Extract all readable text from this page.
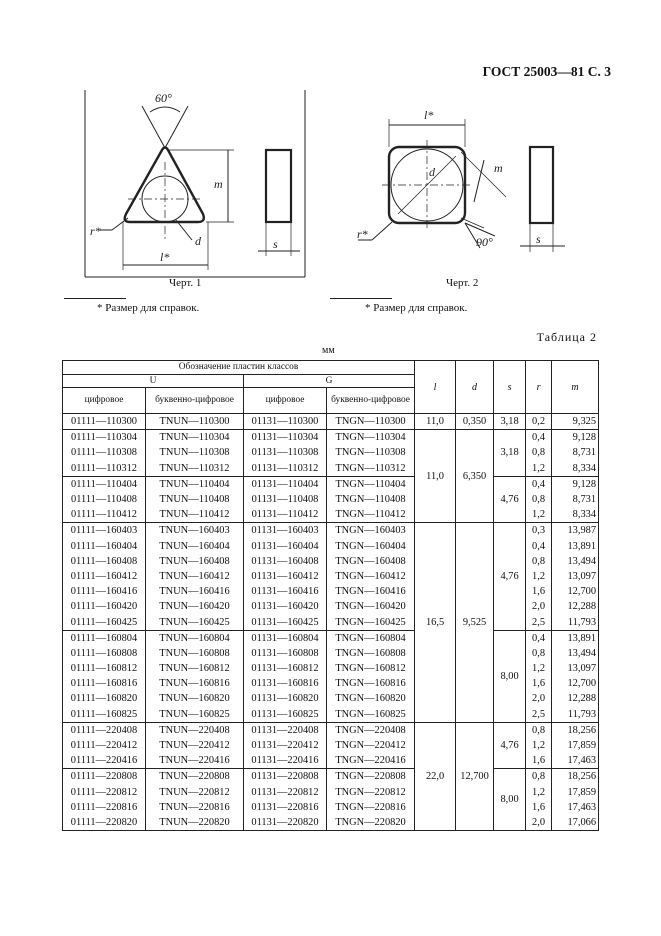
ГОСТ 25003—81 С. 3
60°
m
r*
d
l*
s
l*
d	m
90°
r*	s
Черт. 1	Черт. 2
* Размер для справок.	* Размер для справок.
Таблица 2
мм
Обозначение пластин классов				l	d	s	r	m
U		G						
цифровое	буквенно-цифровое	цифровое	буквенно-цифровое					
01111—110300	TNUN—110300	01131—110300	TNGN—110300	11,0	0,350	3,18	0,2	9,325
01111—110304	TNUN—110304	01131—110304	TNGN—110304	11,0	6,350	3,18	0,4	9,128
01111—110308	TNUN—110308	01131—110308	TNGN—110308				0,8	8,731
01111—110312	TNUN—110312	01131—110312	TNGN—110312				1,2	8,334
01111—110404	TNUN—110404	01131—110404	TNGN—110404			4,76	0,4	9,128
01111—110408	TNUN—110408	01131—110408	TNGN—110408				0,8	8,731
01111—110412	TNUN—110412	01131—110412	TNGN—110412				1,2	8,334
01111—160403	TNUN—160403	01131—160403	TNGN—160403	16,5	9,525	4,76	0,3	13,987
01111—160404	TNUN—160404	01131—160404	TNGN—160404				0,4	13,891
01111—160408	TNUN—160408	01131—160408	TNGN—160408				0,8	13,494
01111—160412	TNUN—160412	01131—160412	TNGN—160412				1,2	13,097
01111—160416	TNUN—160416	01131—160416	TNGN—160416				1,6	12,700
01111—160420	TNUN—160420	01131—160420	TNGN—160420				2,0	12,288
01111—160425	TNUN—160425	01131—160425	TNGN—160425				2,5	11,793
01111—160804	TNUN—160804	01131—160804	TNGN—160804			8,00	0,4	13,891
01111—160808	TNUN—160808	01131—160808	TNGN—160808				0,8	13,494
01111—160812	TNUN—160812	01131—160812	TNGN—160812				1,2	13,097
01111—160816	TNUN—160816	01131—160816	TNGN—160816				1,6	12,700
01111—160820	TNUN—160820	01131—160820	TNGN—160820				2,0	12,288
01111—160825	TNUN—160825	01131—160825	TNGN—160825				2,5	11,793
01111—220408	TNUN—220408	01131—220408	TNGN—220408	22,0	12,700	4,76	0,8	18,256
01111—220412	TNUN—220412	01131—220412	TNGN—220412				1,2	17,859
01111—220416	TNUN—220416	01131—220416	TNGN—220416				1,6	17,463
01111—220808	TNUN—220808	01131—220808	TNGN—220808			8,00	0,8	18,256
01111—220812	TNUN—220812	01131—220812	TNGN—220812				1,2	17,859
01111—220816	TNUN—220816	01131—220816	TNGN—220816				1,6	17,463
01111—220820	TNUN—220820	01131—220820	TNGN—220820				2,0	17,066
